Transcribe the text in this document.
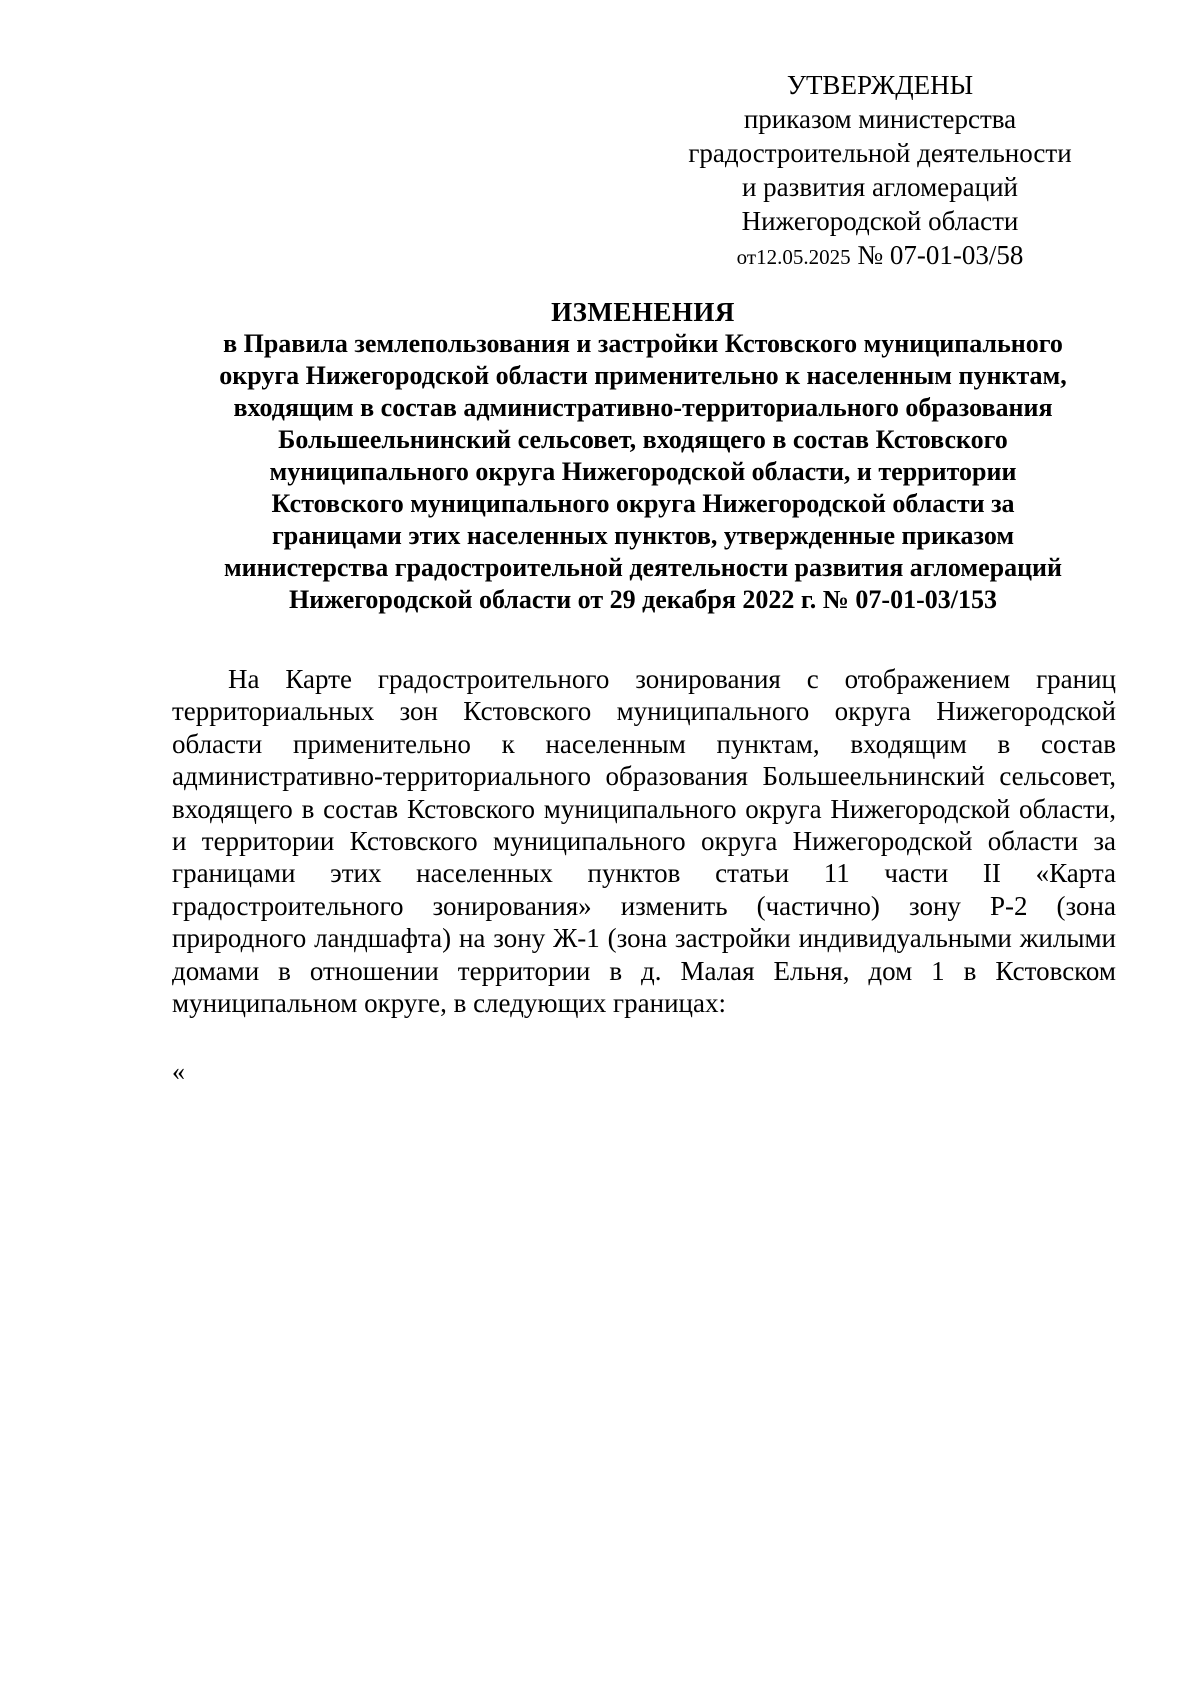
УТВЕРЖДЕНЫ
приказом министерства
градостроительной деятельности
и развития агломераций
Нижегородской области
от12.05.2025 № 07-01-03/58
ИЗМЕНЕНИЯ
в Правила землепользования и застройки Кстовского муниципального
округа Нижегородской области применительно к населенным пунктам,
входящим в состав административно-территориального образования
Большеельнинский сельсовет, входящего в состав Кстовского
муниципального округа Нижегородской области, и территории
Кстовского муниципального округа Нижегородской области за
границами этих населенных пунктов, утвержденные приказом
министерства градостроительной деятельности развития агломераций
Нижегородской области от 29 декабря 2022 г. № 07-01-03/153

На Карте градостроительного зонирования с отображением границ территориальных зон Кстовского муниципального округа Нижегородской области применительно к населенным пунктам, входящим в состав административно-территориального образования Большеельнинский сельсовет, входящего в состав Кстовского муниципального округа Нижегородской области, и территории Кстовского муниципального округа Нижегородской области за границами этих населенных пунктов статьи 11 части II «Карта градостроительного зонирования» изменить (частично) зону Р-2 (зона природного ландшафта) на зону Ж-1 (зона застройки индивидуальными жилыми домами в отношении территории в д. Малая Ельня, дом 1 в Кстовском муниципальном округе, в следующих границах:

«
